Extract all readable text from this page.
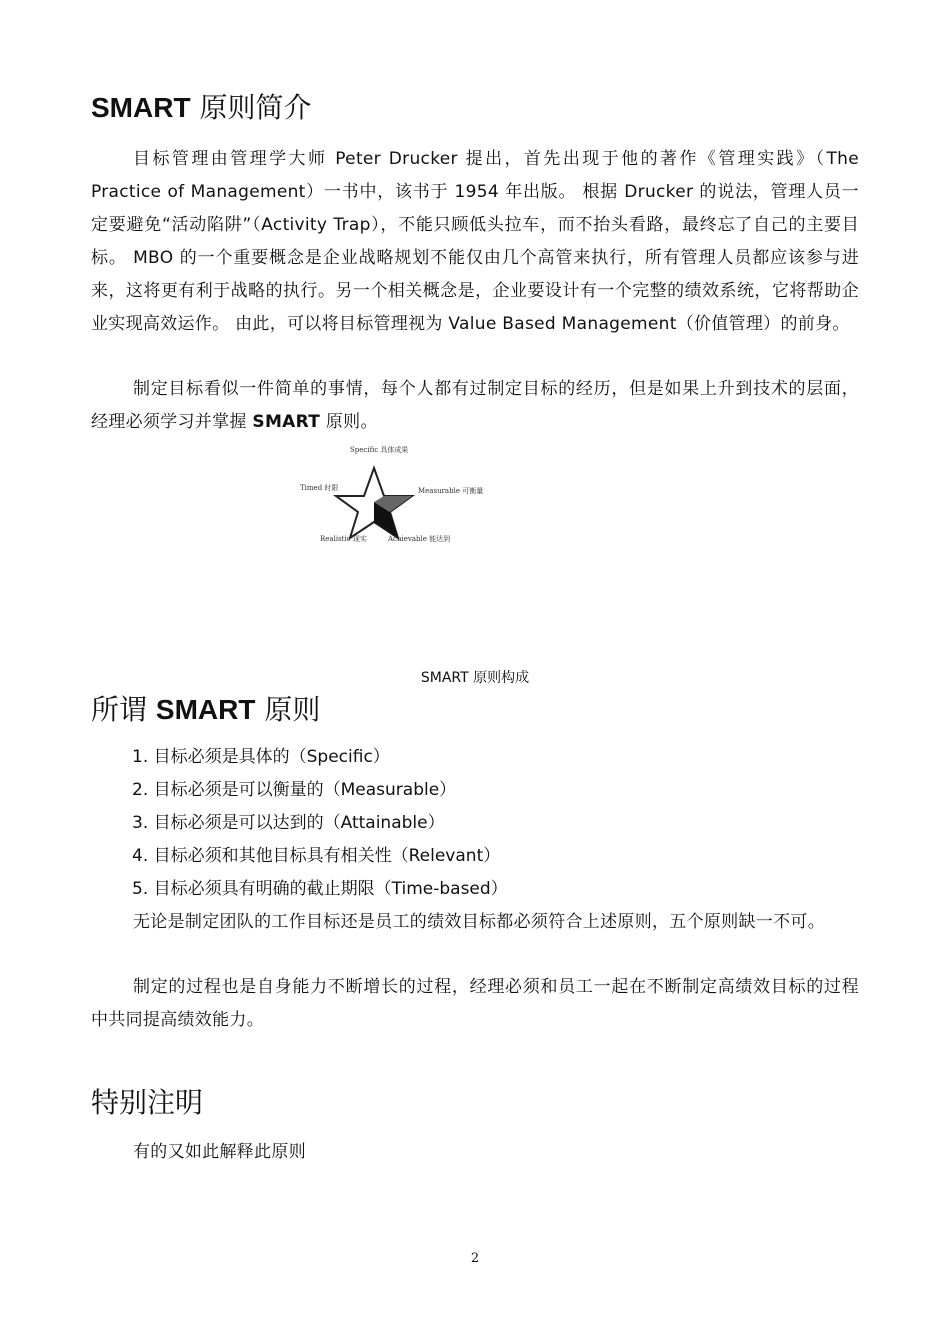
SMART 原则简介

目标管理由管理学大师 Peter Drucker 提出，首先出现于他的著作《管理实践》（The Practice of Management）一书中，该书于 1954 年出版。 根据 Drucker 的说法，管理人员一定要避免“活动陷阱”（Activity Trap），不能只顾低头拉车，而不抬头看路，最终忘了自己的主要目标。 MBO 的一个重要概念是企业战略规划不能仅由几个高管来执行，所有管理人员都应该参与进来，这将更有利于战略的执行。另一个相关概念是，企业要设计有一个完整的绩效系统，它将帮助企业实现高效运作。 由此，可以将目标管理视为 Value Based Management（价值管理）的前身。

制定目标看似一件简单的事情，每个人都有过制定目标的经历，但是如果上升到技术的层面，经理必须学习并掌握 SMART 原则。

Specific 具体成果
Timed 时限	Measurable 可衡量
Realistic 现实	Achievable 能达到
SMART 原则构成
所谓 SMART 原则
1. 目标必须是具体的（Specific）
2. 目标必须是可以衡量的（Measurable）
3. 目标必须是可以达到的（Attainable）
4. 目标必须和其他目标具有相关性（Relevant）
5. 目标必须具有明确的截止期限（Time-based）

无论是制定团队的工作目标还是员工的绩效目标都必须符合上述原则，五个原则缺一不可。

制定的过程也是自身能力不断增长的过程，经理必须和员工一起在不断制定高绩效目标的过程中共同提高绩效能力。

特别注明

有的又如此解释此原则

2
